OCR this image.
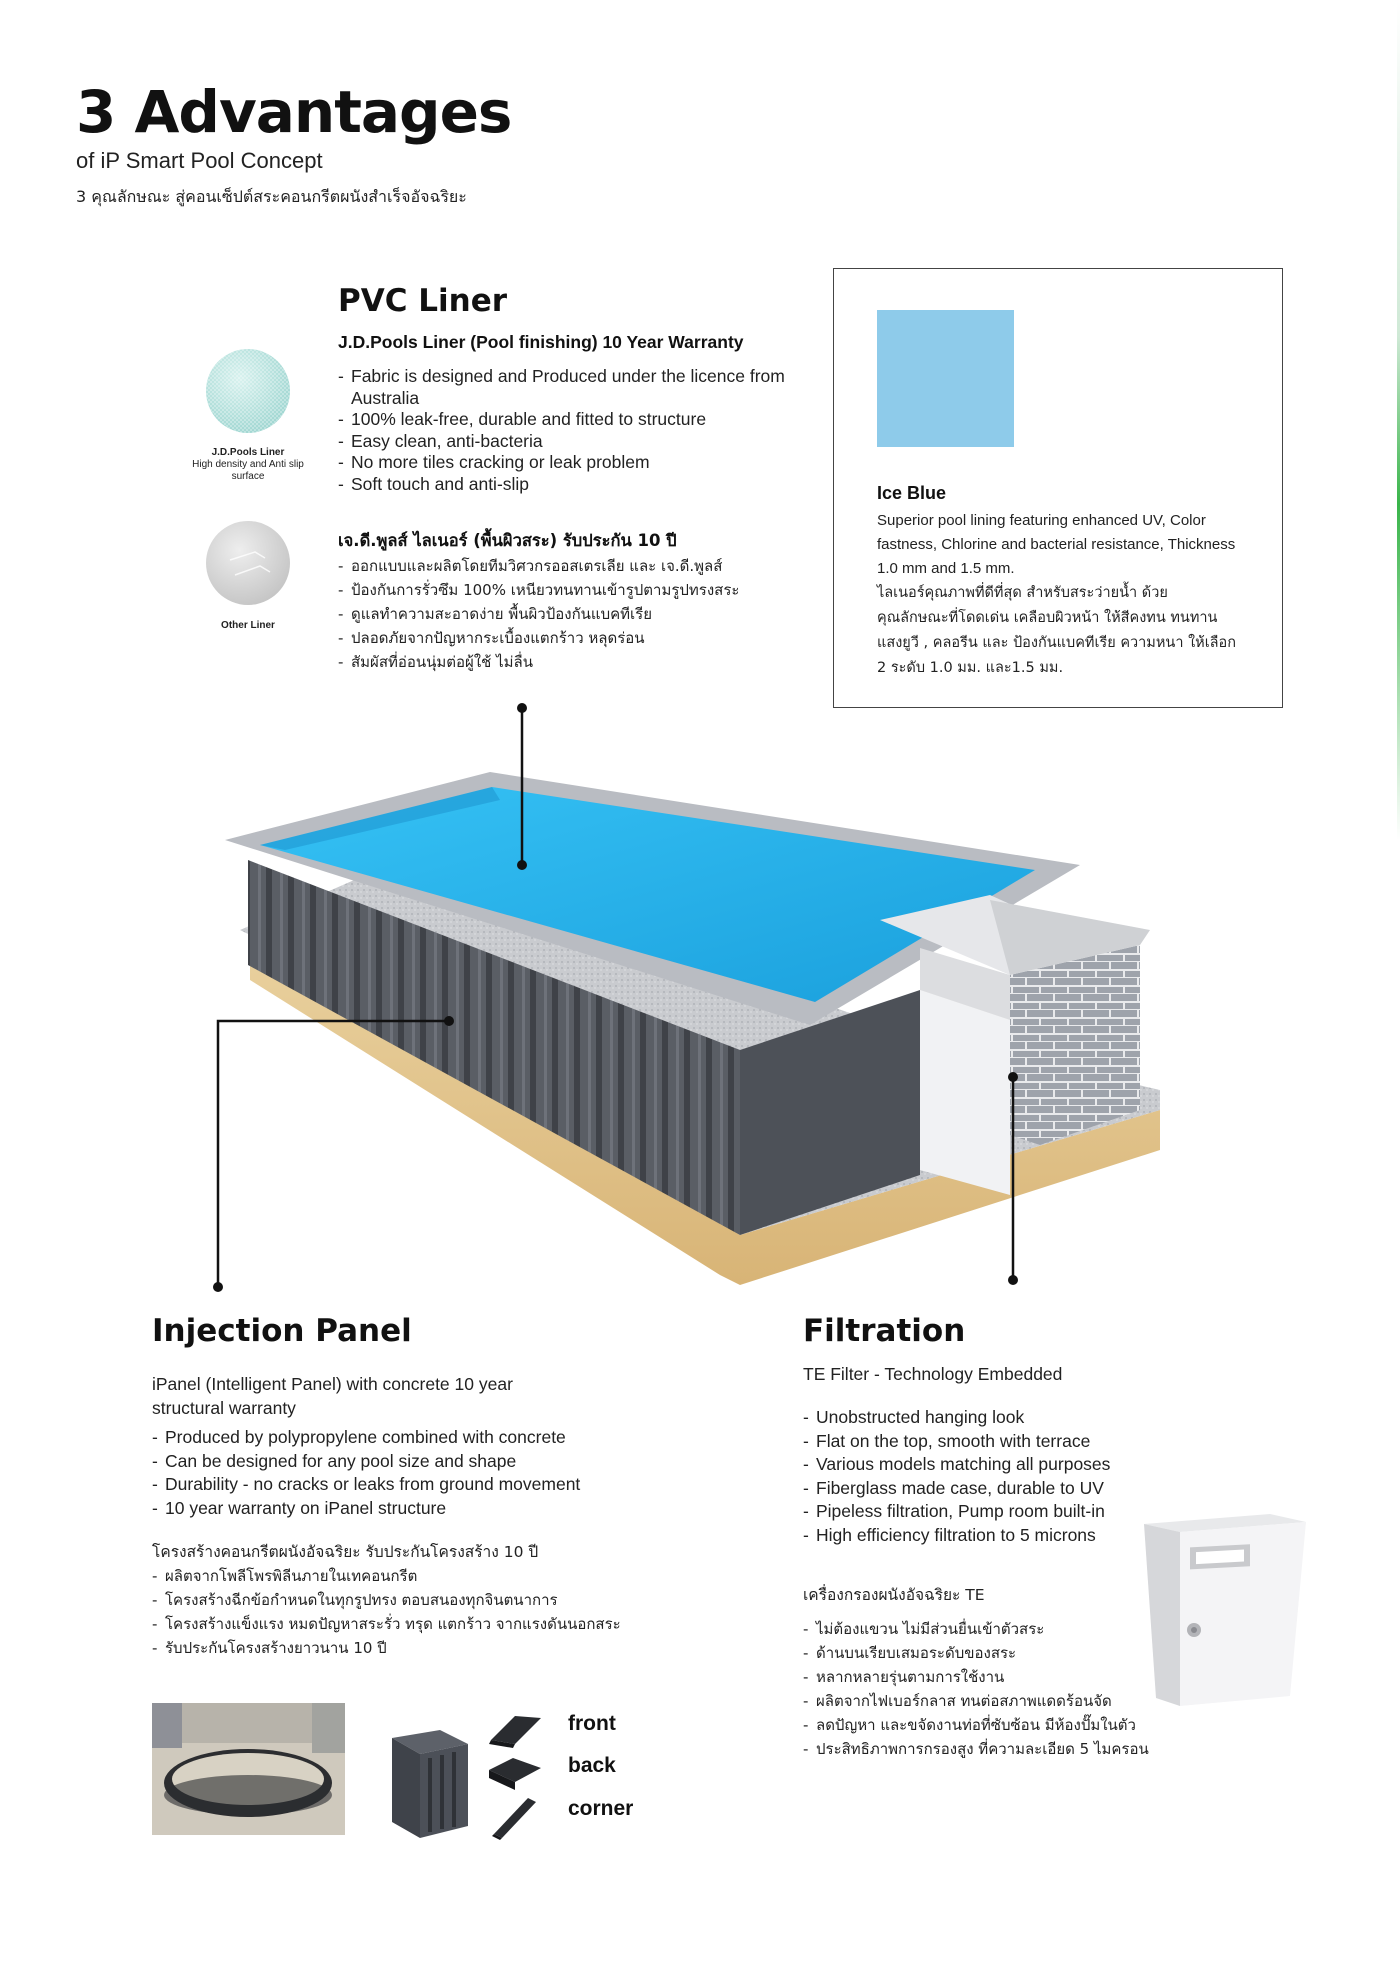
3 Advantages
of iP Smart Pool Concept
3 คุณลักษณะ สู่คอนเซ็ปต์สระคอนกรีตผนังสำเร็จอัจฉริยะ
J.D.Pools Liner
High density and Anti slip surface
Other Liner
PVC Liner
J.D.Pools Liner (Pool finishing) 10 Year Warranty
- Fabric is designed and Produced under the licence from Australia
- 100% leak-free, durable and fitted to structure
- Easy clean, anti-bacteria
- No more tiles cracking or leak problem
- Soft touch and anti-slip
เจ.ดี.พูลส์ ไลเนอร์ (พื้นผิวสระ) รับประกัน 10 ปี
- ออกแบบและผลิตโดยทีมวิศวกรออสเตรเลีย และ เจ.ดี.พูลส์
- ป้องกันการรั่วซึม 100% เหนียวทนทานเข้ารูปตามรูปทรงสระ
- ดูแลทำความสะอาดง่าย พื้นผิวป้องกันแบคทีเรีย
- ปลอดภัยจากปัญหากระเบื้องแตกร้าว หลุดร่อน
- สัมผัสที่อ่อนนุ่มต่อผู้ใช้ ไม่ลื่น
Ice Blue
Superior pool lining featuring enhanced UV, Color fastness, Chlorine and bacterial resistance, Thickness 1.0 mm and 1.5 mm.
ไลเนอร์คุณภาพที่ดีที่สุด สำหรับสระว่ายน้ำ ด้วยคุณลักษณะที่โดดเด่น เคลือบผิวหน้า ให้สีคงทน ทนทานแสงยูวี , คลอรีน และ ป้องกันแบคทีเรีย ความหนา ให้เลือก 2 ระดับ 1.0 มม. และ1.5 มม.
Injection Panel
iPanel (Intelligent Panel) with concrete 10 year structural warranty
- Produced by polypropylene combined with concrete
- Can be designed for any pool size and shape
- Durability - no cracks or leaks from ground movement
- 10 year warranty on iPanel structure
โครงสร้างคอนกรีตผนังอัจฉริยะ รับประกันโครงสร้าง 10 ปี
- ผลิตจากโพลีโพรพิลีนภายในเทคอนกรีต
- โครงสร้างฉีกข้อกำหนดในทุกรูปทรง ตอบสนองทุกจินตนาการ
- โครงสร้างแข็งแรง หมดปัญหาสระรั่ว ทรุด แตกร้าว จากแรงดันนอกสระ
- รับประกันโครงสร้างยาวนาน 10 ปี
front
back
corner
Filtration
TE Filter - Technology Embedded
- Unobstructed hanging look
- Flat on the top, smooth with terrace
- Various models matching all purposes
- Fiberglass made case, durable to UV
- Pipeless filtration, Pump room built-in
- High efficiency filtration to 5 microns
เครื่องกรองผนังอัจฉริยะ TE
- ไม่ต้องแขวน ไม่มีส่วนยื่นเข้าตัวสระ
- ด้านบนเรียบเสมอระดับของสระ
- หลากหลายรุ่นตามการใช้งาน
- ผลิตจากไฟเบอร์กลาส ทนต่อสภาพแดดร้อนจัด
- ลดปัญหา และขจัดงานท่อที่ซับซ้อน มีห้องปั๊มในตัว
- ประสิทธิภาพการกรองสูง ที่ความละเอียด 5 ไมครอน
